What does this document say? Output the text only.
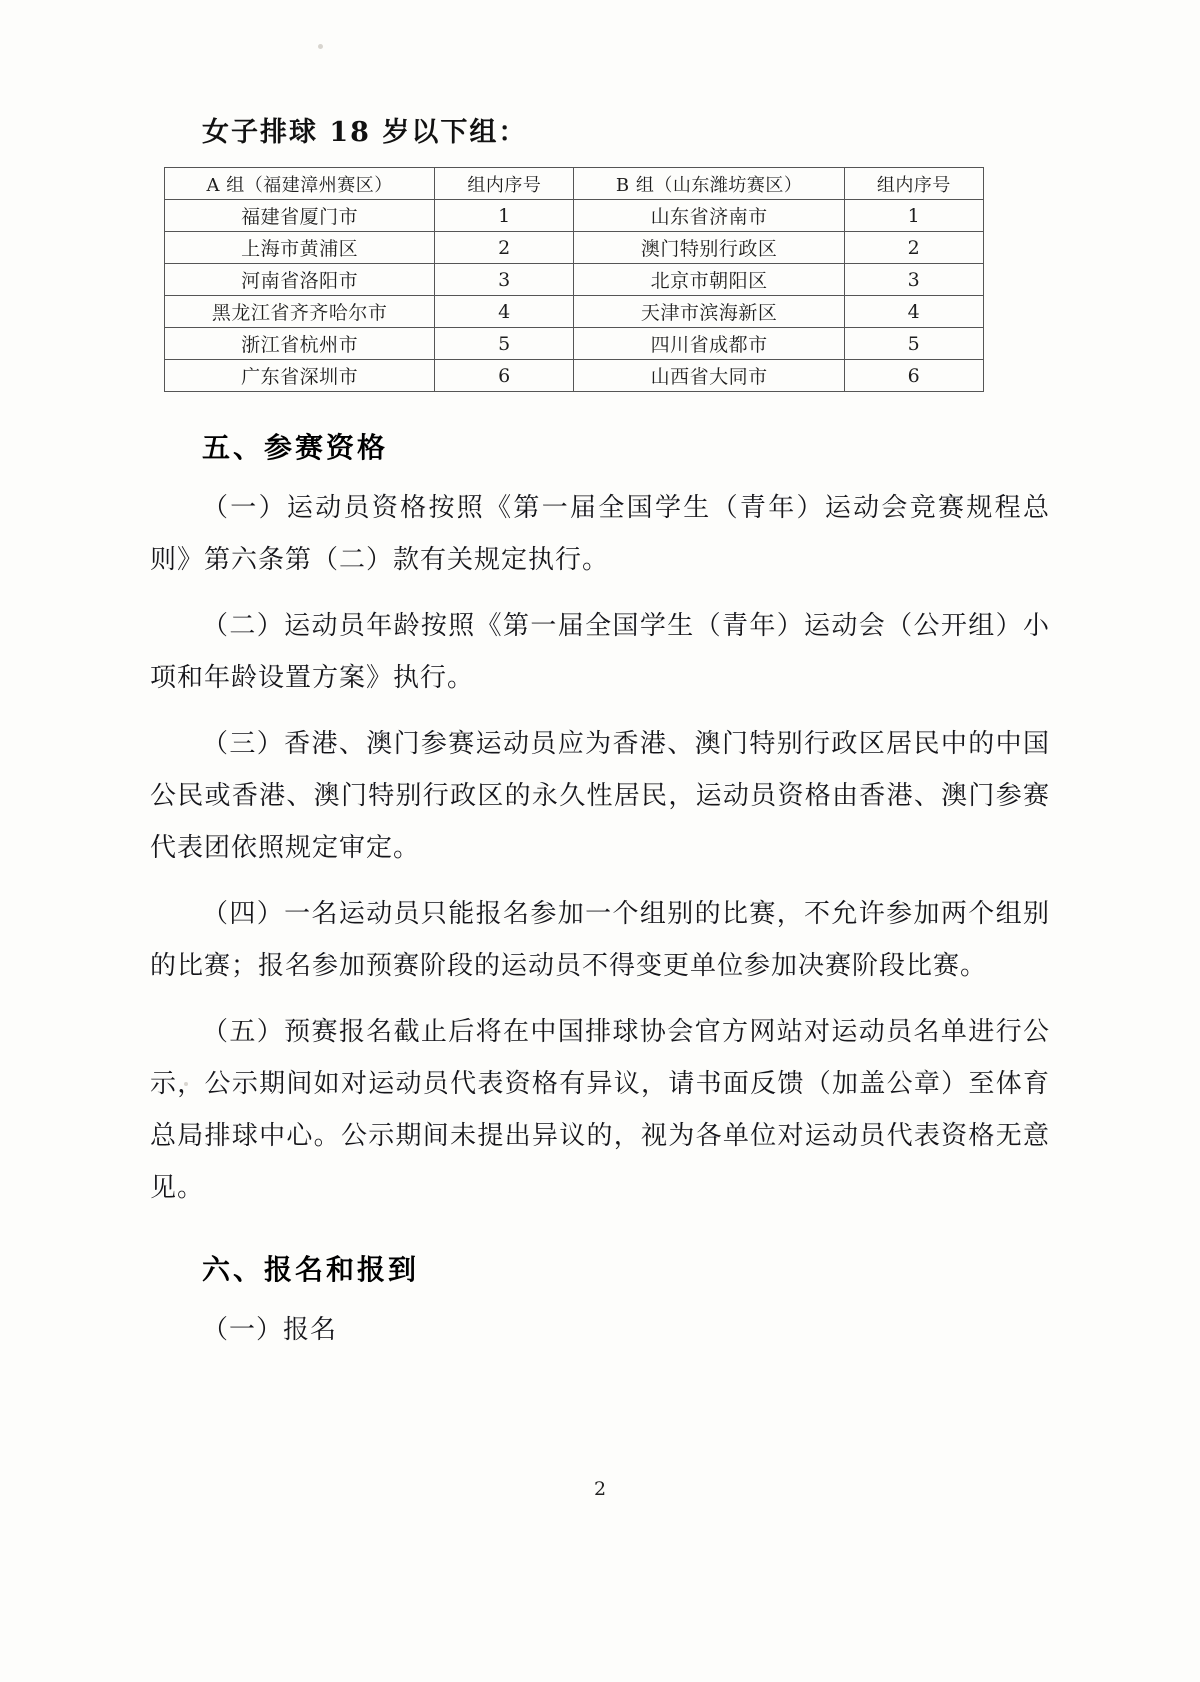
女子排球 18 岁以下组：
A 组（福建漳州赛区）	组内序号	B 组（山东潍坊赛区）	组内序号
福建省厦门市	1	山东省济南市	1
上海市黄浦区	2	澳门特别行政区	2
河南省洛阳市	3	北京市朝阳区	3
黑龙江省齐齐哈尔市	4	天津市滨海新区	4
浙江省杭州市	5	四川省成都市	5
广东省深圳市	6	山西省大同市	6
五、参赛资格

（一）运动员资格按照《第一届全国学生（青年）运动会竞赛规程总则》第六条第（二）款有关规定执行。

（二）运动员年龄按照《第一届全国学生（青年）运动会（公开组）小项和年龄设置方案》执行。

（三）香港、澳门参赛运动员应为香港、澳门特别行政区居民中的中国公民或香港、澳门特别行政区的永久性居民，运动员资格由香港、澳门参赛代表团依照规定审定。

（四）一名运动员只能报名参加一个组别的比赛，不允许参加两个组别的比赛；报名参加预赛阶段的运动员不得变更单位参加决赛阶段比赛。

（五）预赛报名截止后将在中国排球协会官方网站对运动员名单进行公示，公示期间如对运动员代表资格有异议，请书面反馈（加盖公章）至体育总局排球中心。公示期间未提出异议的，视为各单位对运动员代表资格无意见。

六、报名和报到

（一）报名

2
